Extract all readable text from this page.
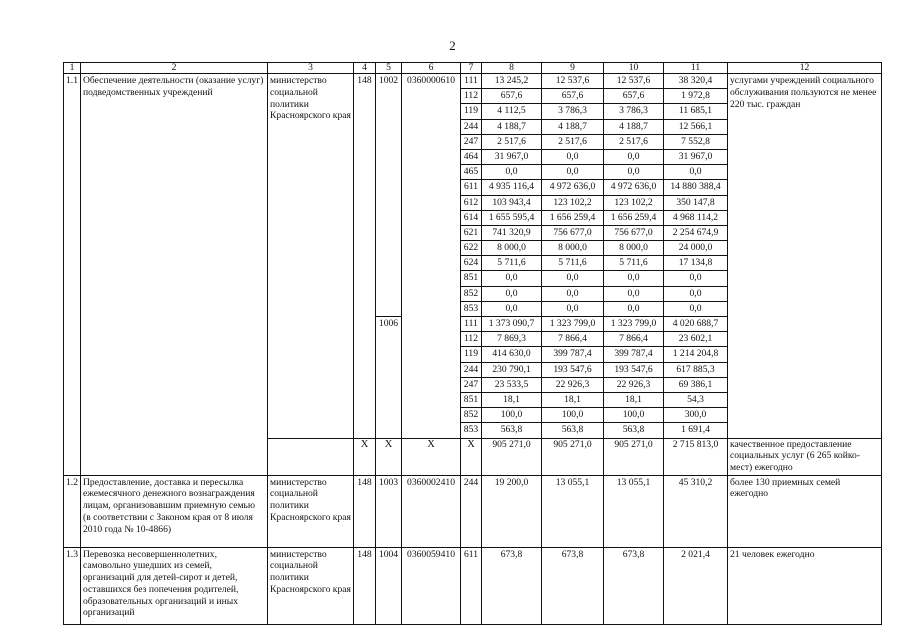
2
1	2	3	4	5	6	7	8	9	10	11	12
1.1	Обеспечение деятельности (оказание услуг) подведомственных учреждений	министерство социальной политики Красноярского края	148	1002	0360000610	111	13 245,2	12 537,6	12 537,6	38 320,4	услугами учреждений социального обслуживания пользуются не менее 220 тыс. граждан
						112	657,6	657,6	657,6	1 972,8	
						119	4 112,5	3 786,3	3 786,3	11 685,1	
						244	4 188,7	4 188,7	4 188,7	12 566,1	
						247	2 517,6	2 517,6	2 517,6	7 552,8	
						464	31 967,0	0,0	0,0	31 967,0	
						465	0,0	0,0	0,0	0,0	
						611	4 935 116,4	4 972 636,0	4 972 636,0	14 880 388,4	
						612	103 943,4	123 102,2	123 102,2	350 147,8	
						614	1 655 595,4	1 656 259,4	1 656 259,4	4 968 114,2	
						621	741 320,9	756 677,0	756 677,0	2 254 674,9	
						622	8 000,0	8 000,0	8 000,0	24 000,0	
						624	5 711,6	5 711,6	5 711,6	17 134,8	
						851	0,0	0,0	0,0	0,0	
						852	0,0	0,0	0,0	0,0	
						853	0,0	0,0	0,0	0,0	
				1006		111	1 373 090,7	1 323 799,0	1 323 799,0	4 020 688,7	
						112	7 869,3	7 866,4	7 866,4	23 602,1	
						119	414 630,0	399 787,4	399 787,4	1 214 204,8	
						244	230 790,1	193 547,6	193 547,6	617 885,3	
						247	23 533,5	22 926,3	22 926,3	69 386,1	
						851	18,1	18,1	18,1	54,3	
						852	100,0	100,0	100,0	300,0	
						853	563,8	563,8	563,8	1 691,4	
			Х	Х	Х	Х	905 271,0	905 271,0	905 271,0	2 715 813,0	качественное предоставление социальных услуг (6 265 койко-мест) ежегодно
1.2	Предоставление, доставка и пересылка ежемесячного денежного вознаграждения лицам, организовавшим приемную семью (в соответствии с Законом края от 8 июля 2010 года № 10-4866)	министерство социальной политики Красноярского края	148	1003	0360002410	244	19 200,0	13 055,1	13 055,1	45 310,2	более 130 приемных семей ежегодно
1.3	Перевозка несовершеннолетних, самовольно ушедших из семей, организаций для детей-сирот и детей, оставшихся без попечения родителей, образовательных организаций и иных организаций	министерство социальной политики Красноярского края	148	1004	0360059410	611	673,8	673,8	673,8	2 021,4	21 человек ежегодно
